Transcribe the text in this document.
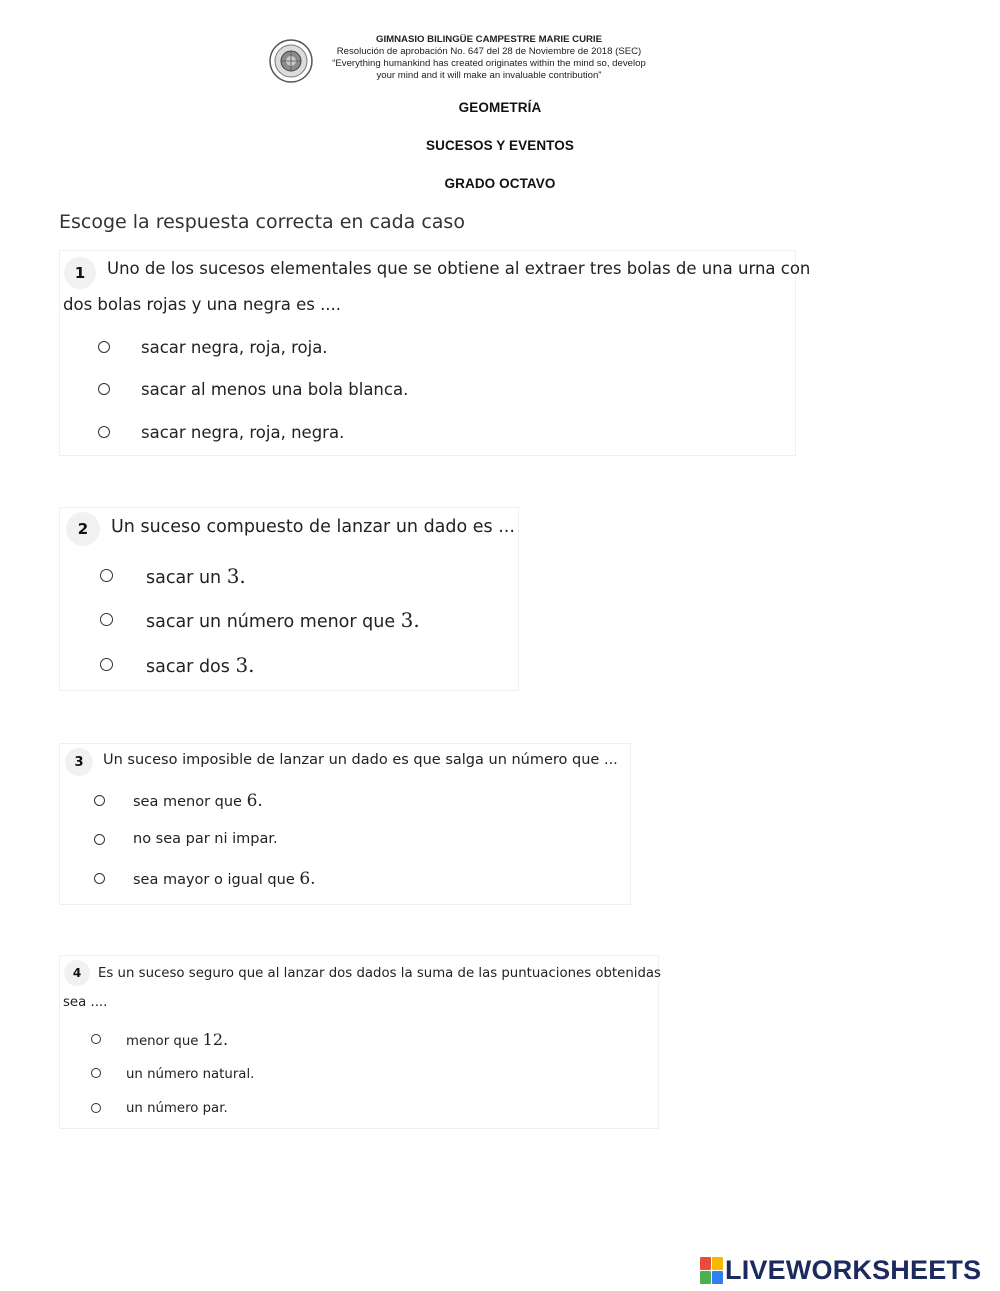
GIMNASIO BILINGÜE CAMPESTRE MARIE CURIE
Resolución de aprobación No. 647 del 28 de Noviembre de 2018 (SEC)
“Everything humankind has created originates within the mind so, develop
your mind and it will make an invaluable contribution”
GEOMETRÍA
SUCESOS Y EVENTOS
GRADO OCTAVO
Escoge la respuesta correcta en cada caso
1	Uno de los sucesos elementales que se obtiene al extraer tres bolas de una urna con
dos bolas rojas y una negra es ....
sacar negra, roja, roja.
sacar al menos una bola blanca.
sacar negra, roja, negra.
2	Un suceso compuesto de lanzar un dado es ...
sacar un 3.
sacar un número menor que 3.
sacar dos 3.
3	Un suceso imposible de lanzar un dado es que salga un número que ...
sea menor que 6.
no sea par ni impar.
sea mayor o igual que 6.
4	Es un suceso seguro que al lanzar dos dados la suma de las puntuaciones obtenidas
sea ....
menor que 12.
un número natural.
un número par.
LIVEWORKSHEETS
